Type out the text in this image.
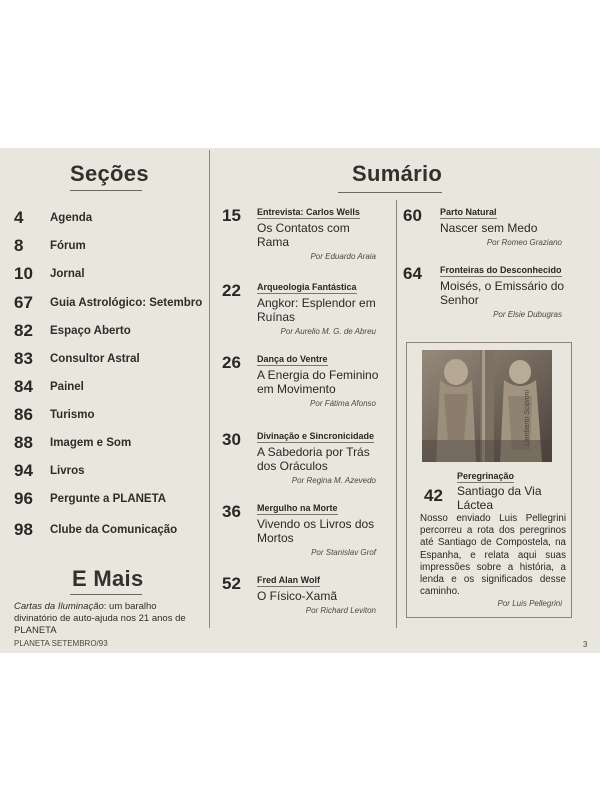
Seções
4 Agenda
8 Fórum
10 Jornal
67 Guia Astrológico: Setembro
82 Espaço Aberto
83 Consultor Astral
84 Painel
86 Turismo
88 Imagem e Som
94 Livros
96 Pergunte a PLANETA
98 Clube da Comunicação
E Mais
Cartas da Iluminação: um baralho divinatório de auto-ajuda nos 21 anos de PLANETA
Sumário
15 Entrevista: Carlos Wells
Os Contatos com Rama
Por Eduardo Araia
22 Arqueologia Fantástica
Angkor: Esplendor em Ruínas
Por Aurelio M. G. de Abreu
26 Dança do Ventre
A Energia do Feminino em Movimento
Por Fátima Afonso
30 Divinação e Sincronicidade
A Sabedoria por Trás dos Oráculos
Por Regina M. Azevedo
36 Mergulho na Morte
Vivendo os Livros dos Mortos
Por Stanislav Grof
52 Fred Alan Wolf
O Físico-Xamã
Por Richard Leviton
60 Parto Natural
Nascer sem Medo
Por Romeo Graziano
64 Fronteiras do Desconhecido
Moisés, o Emissário do Senhor
Por Elsie Dubugras
Lamberto Scipioni
42
Peregrinação
Santiago da Via Láctea
Nosso enviado Luis Pellegrini percorreu a rota dos peregrinos até Santiago de Compostela, na Espanha, e relata aqui suas impressões sobre a história, a lenda e os significados desse caminho.
Por Luis Pellegrini
PLANETA SETEMBRO/93	3
